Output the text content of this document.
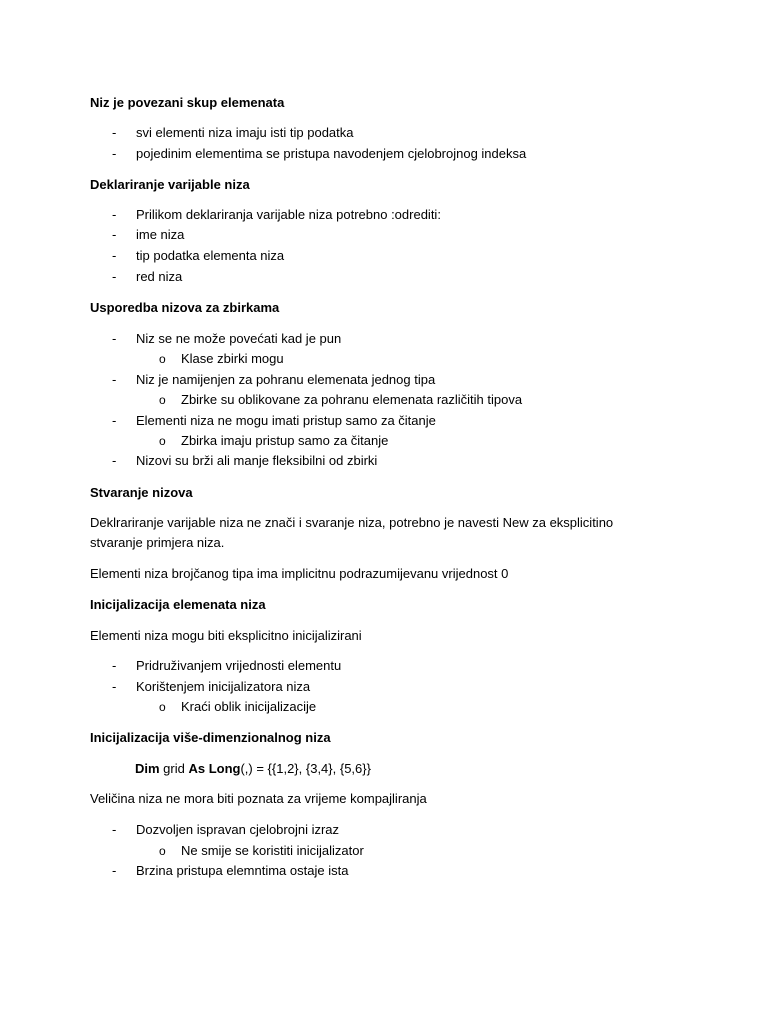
Niz je povezani skup elemenata
- svi elementi niza imaju isti tip podatka
- pojedinim elementima se pristupa navodenjem cjelobrojnog indeksa
Deklariranje varijable niza
- Prilikom deklariranja varijable niza potrebno :odrediti:
- ime niza
- tip podatka elementa niza
- red niza
Usporedba nizova za zbirkama
- Niz se ne može povećati kad je pun
o Klase zbirki mogu
- Niz je namijenjen za pohranu elemenata jednog tipa
o Zbirke su oblikovane za pohranu elemenata različitih tipova
- Elementi niza ne mogu imati pristup samo za čitanje
o Zbirka imaju pristup samo za čitanje
- Nizovi su brži ali manje fleksibilni od zbirki
Stvaranje nizova
Deklrariranje varijable niza ne znači i svaranje niza, potrebno je navesti New za eksplicitino
stvaranje primjera niza.
Elementi niza brojčanog tipa ima implicitnu podrazumijevanu vrijednost 0
Inicijalizacija elemenata niza
Elementi niza mogu biti eksplicitno inicijalizirani
- Pridruživanjem vrijednosti elementu
- Korištenjem inicijalizatora niza
o Kraći oblik inicijalizacije
Inicijalizacija više-dimenzionalnog niza
Dim grid As Long(,) = {{1,2}, {3,4}, {5,6}}
Veličina niza ne mora biti poznata za vrijeme kompajliranja
- Dozvoljen ispravan cjelobrojni izraz
o Ne smije se koristiti inicijalizator
- Brzina pristupa elemntima ostaje ista
